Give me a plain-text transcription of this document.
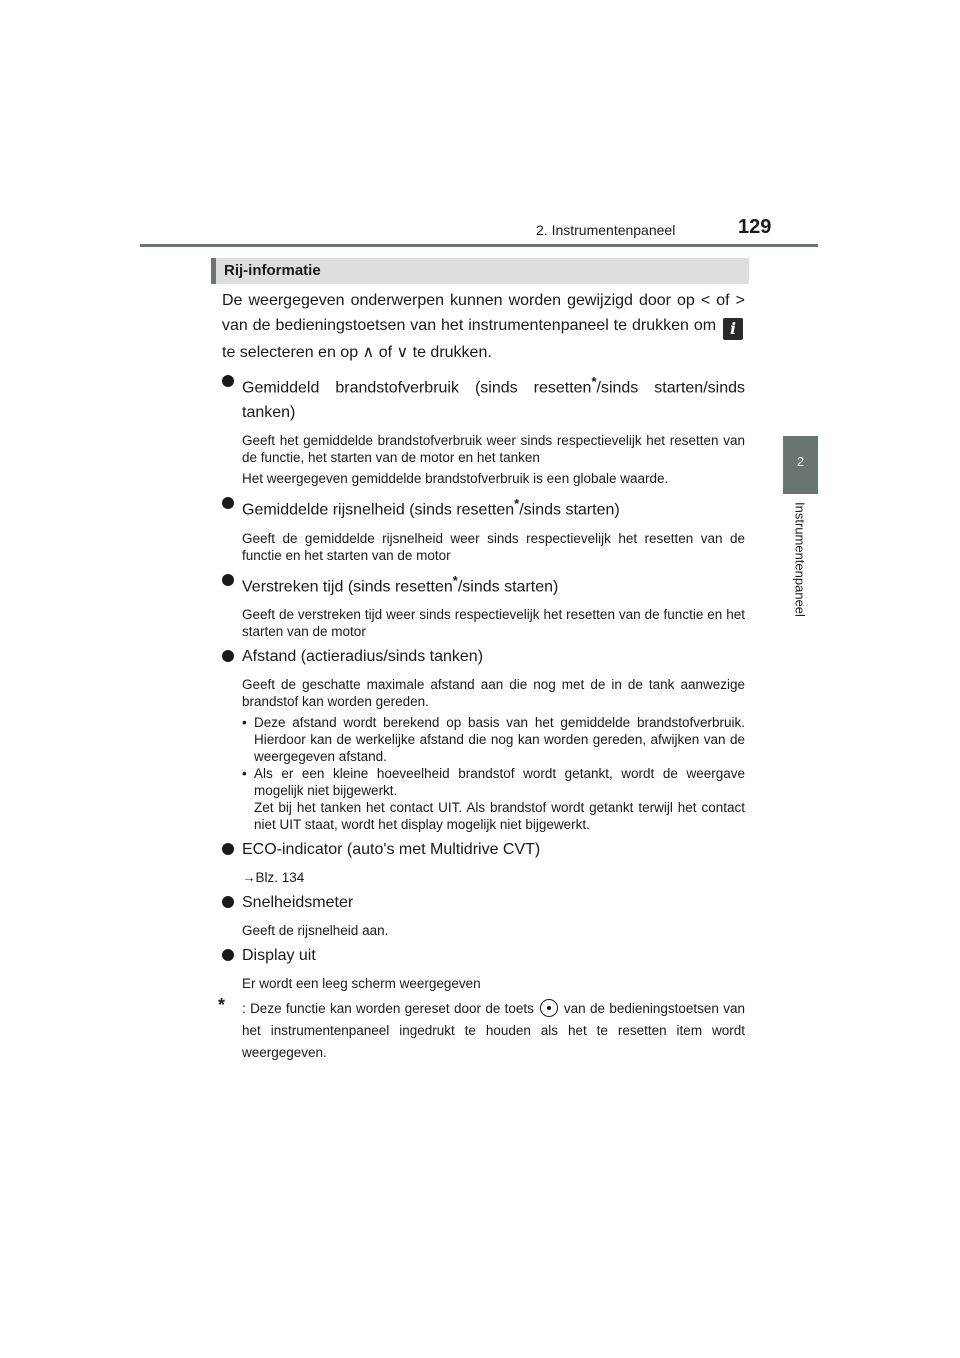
2. Instrumentenpaneel	129
2
Instrumentenpaneel
Rij-informatie

De weergegeven onderwerpen kunnen worden gewijzigd door op < of > van de bedieningstoetsen van het instrumentenpaneel te drukken om i te selecteren en op ∧ of ∨ te drukken.

Gemiddeld brandstofverbruik (sinds resetten*/sinds starten/sinds tanken)

Geeft het gemiddelde brandstofverbruik weer sinds respectievelijk het resetten van de functie, het starten van de motor en het tanken

Het weergegeven gemiddelde brandstofverbruik is een globale waarde.

Gemiddelde rijsnelheid (sinds resetten*/sinds starten)

Geeft de gemiddelde rijsnelheid weer sinds respectievelijk het resetten van de functie en het starten van de motor

Verstreken tijd (sinds resetten*/sinds starten)

Geeft de verstreken tijd weer sinds respectievelijk het resetten van de functie en het starten van de motor

Afstand (actieradius/sinds tanken)

Geeft de geschatte maximale afstand aan die nog met de in de tank aanwezige brandstof kan worden gereden.

• Deze afstand wordt berekend op basis van het gemiddelde brandstofverbruik. Hierdoor kan de werkelijke afstand die nog kan worden gereden, afwijken van de weergegeven afstand.
• Als er een kleine hoeveelheid brandstof wordt getankt, wordt de weergave mogelijk niet bijgewerkt.
Zet bij het tanken het contact UIT. Als brandstof wordt getankt terwijl het contact niet UIT staat, wordt het display mogelijk niet bijgewerkt.
ECO-indicator (auto's met Multidrive CVT)

→Blz. 134

Snelheidsmeter

Geeft de rijsnelheid aan.

Display uit

Er wordt een leeg scherm weergegeven

* : Deze functie kan worden gereset door de toets van de bedieningstoetsen van het instrumentenpaneel ingedrukt te houden als het te resetten item wordt weergegeven.
